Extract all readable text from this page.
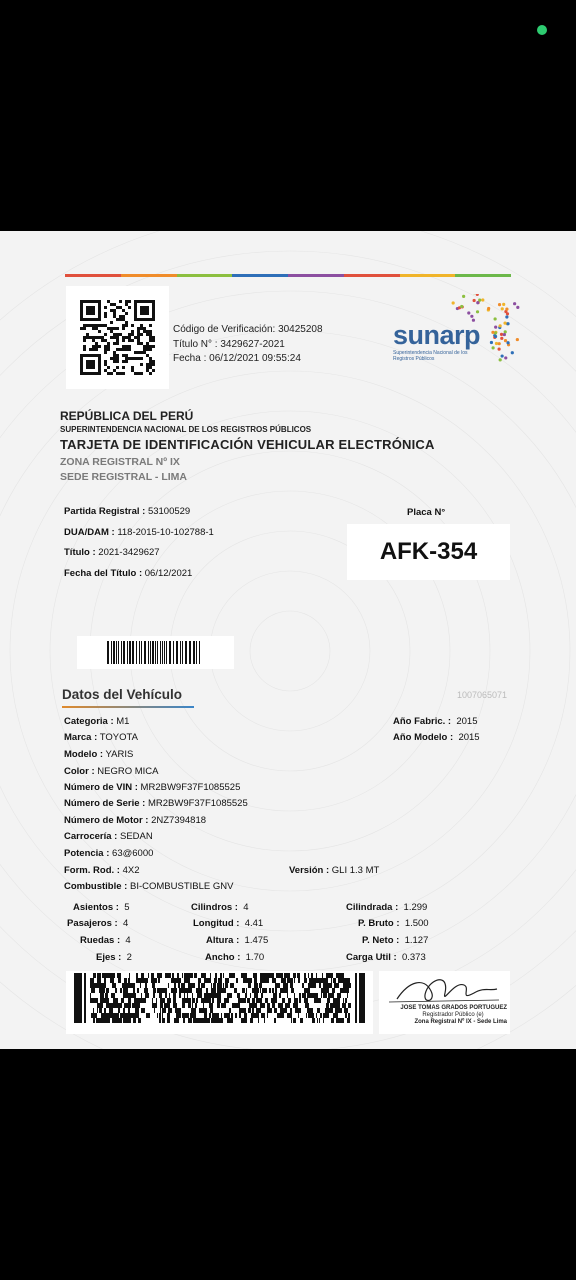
Código de Verificación: 30425208
Título N° : 3429627-2021
Fecha : 06/12/2021 09:55:24
sunarp
Superintendencia Nacional de los Registros Públicos
REPÚBLICA DEL PERÚ
SUPERINTENDENCIA NACIONAL DE LOS REGISTROS PÚBLICOS
TARJETA DE IDENTIFICACIÓN VEHICULAR ELECTRÓNICA
ZONA REGISTRAL Nº IX
SEDE REGISTRAL - LIMA
Partida Registral : 53100529
DUA/DAM : 118-2015-10-102788-1
Título : 2021-3429627
Fecha del Título : 06/12/2021
Placa N°
AFK-354
Datos del Vehículo	1007065071
Categoria : M1
Marca : TOYOTA
Modelo : YARIS
Color : NEGRO MICA
Número de VIN : MR2BW9F37F1085525
Número de Serie : MR2BW9F37F1085525
Número de Motor : 2NZ7394818
Carrocería : SEDAN
Potencia : 63@6000
Form. Rod. : 4X2
Combustible : BI-COMBUSTIBLE GNV
Versión : GLI 1.3 MT
Año Fabric. : 2015
Año Modelo : 2015
Asientos : 5
Pasajeros : 4
Ruedas : 4
Ejes : 2
Cilindros : 4
Longitud : 4.41
Altura : 1.475
Ancho : 1.70
Cilindrada : 1.299
P. Bruto : 1.500
P. Neto : 1.127
Carga Util : 0.373
JOSE TOMAS GRADOS PORTUGUEZ
Registrador Público (e)
Zona Registral Nº IX - Sede Lima
